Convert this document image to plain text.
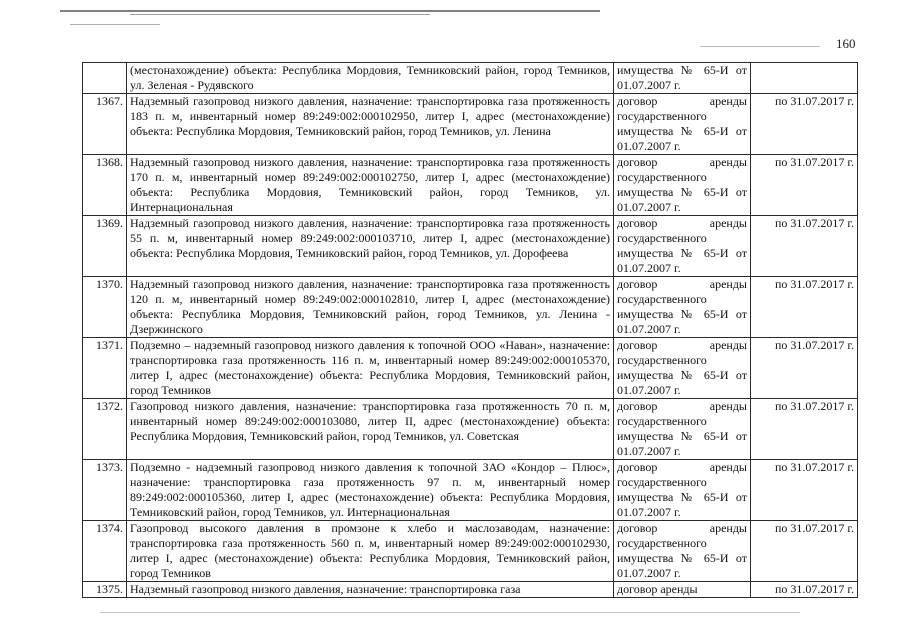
160
	(местонахождение) объекта: Республика Мордовия, Темниковский район, город Темников, ул. Зеленая - Рудявского	имущества № 65-И от 01.07.2007 г.	
1367.	Надземный газопровод низкого давления, назначение: транспортировка газа протяженность 183 п. м, инвентарный номер 89:249:002:000102950, литер I, адрес (местонахождение) объекта: Республика Мордовия, Темниковский район, город Темников, ул. Ленина	договор аренды государственного имущества № 65-И от 01.07.2007 г.	по 31.07.2017 г.
1368.	Надземный газопровод низкого давления, назначение: транспортировка газа протяженность 170 п. м, инвентарный номер 89:249:002:000102750, литер I, адрес (местонахождение) объекта: Республика Мордовия, Темниковский район, город Темников, ул. Интернациональная	договор аренды государственного имущества № 65-И от 01.07.2007 г.	по 31.07.2017 г.
1369.	Надземный газопровод низкого давления, назначение: транспортировка газа протяженность 55 п. м, инвентарный номер 89:249:002:000103710, литер I, адрес (местонахождение) объекта: Республика Мордовия, Темниковский район, город Темников, ул. Дорофеева	договор аренды государственного имущества № 65-И от 01.07.2007 г.	по 31.07.2017 г.
1370.	Надземный газопровод низкого давления, назначение: транспортировка газа протяженность 120 п. м, инвентарный номер 89:249:002:000102810, литер I, адрес (местонахождение) объекта: Республика Мордовия, Темниковский район, город Темников, ул. Ленина - Дзержинского	договор аренды государственного имущества № 65-И от 01.07.2007 г.	по 31.07.2017 г.
1371.	Подземно – надземный газопровод низкого давления к топочной ООО «Наван», назначение: транспортировка газа протяженность 116 п. м, инвентарный номер 89:249:002:000105370, литер I, адрес (местонахождение) объекта: Республика Мордовия, Темниковский район, город Темников	договор аренды государственного имущества № 65-И от 01.07.2007 г.	по 31.07.2017 г.
1372.	Газопровод низкого давления, назначение: транспортировка газа протяженность 70 п. м, инвентарный номер 89:249:002:000103080, литер II, адрес (местонахождение) объекта: Республика Мордовия, Темниковский район, город Темников, ул. Советская	договор аренды государственного имущества № 65-И от 01.07.2007 г.	по 31.07.2017 г.
1373.	Подземно - надземный газопровод низкого давления к топочной ЗАО «Кондор – Плюс», назначение: транспортировка газа протяженность 97 п. м, инвентарный номер 89:249:002:000105360, литер I, адрес (местонахождение) объекта: Республика Мордовия, Темниковский район, город Темников, ул. Интернациональная	договор аренды государственного имущества № 65-И от 01.07.2007 г.	по 31.07.2017 г.
1374.	Газопровод высокого давления в промзоне к хлебо и маслозаводам, назначение: транспортировка газа протяженность 560 п. м, инвентарный номер 89:249:002:000102930, литер I, адрес (местонахождение) объекта: Республика Мордовия, Темниковский район, город Темников	договор аренды государственного имущества № 65-И от 01.07.2007 г.	по 31.07.2017 г.
1375.	Надземный газопровод низкого давления, назначение: транспортировка газа	договор аренды	по 31.07.2017 г.
